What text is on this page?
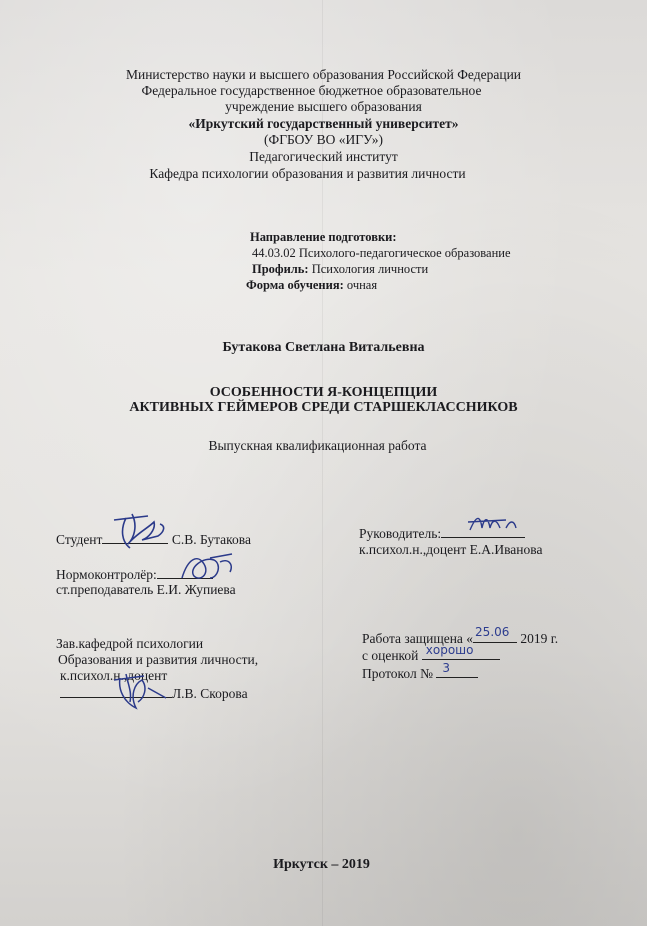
Министерство науки и высшего образования Российской Федерации
Федеральное государственное бюджетное образовательное
учреждение высшего образования
«Иркутский государственный университет»
(ФГБОУ ВО «ИГУ»)
Педагогический институт
Кафедра психологии образования и развития личности
Направление подготовки:
44.03.02 Психолого-педагогическое образование
Профиль: Психология личности
Форма обучения: очная
Бутакова Светлана Витальевна
ОСОБЕННОСТИ Я-КОНЦЕПЦИИ
АКТИВНЫХ ГЕЙМЕРОВ СРЕДИ СТАРШЕКЛАССНИКОВ
Выпускная квалификационная работа
Студент	С.В. Бутакова	Руководитель:
к.психол.н.,доцент Е.А.Иванова
Нормоконтролёр:
ст.преподаватель Е.И. Жупиева
Зав.кафедрой психологии
Образования и развития личности,
к.психол.н.,доцент
Л.В. Скорова
Работа защищена « 25.06 2019 г.
с оценкой хорошо
Протокол № 3
Иркутск – 2019
